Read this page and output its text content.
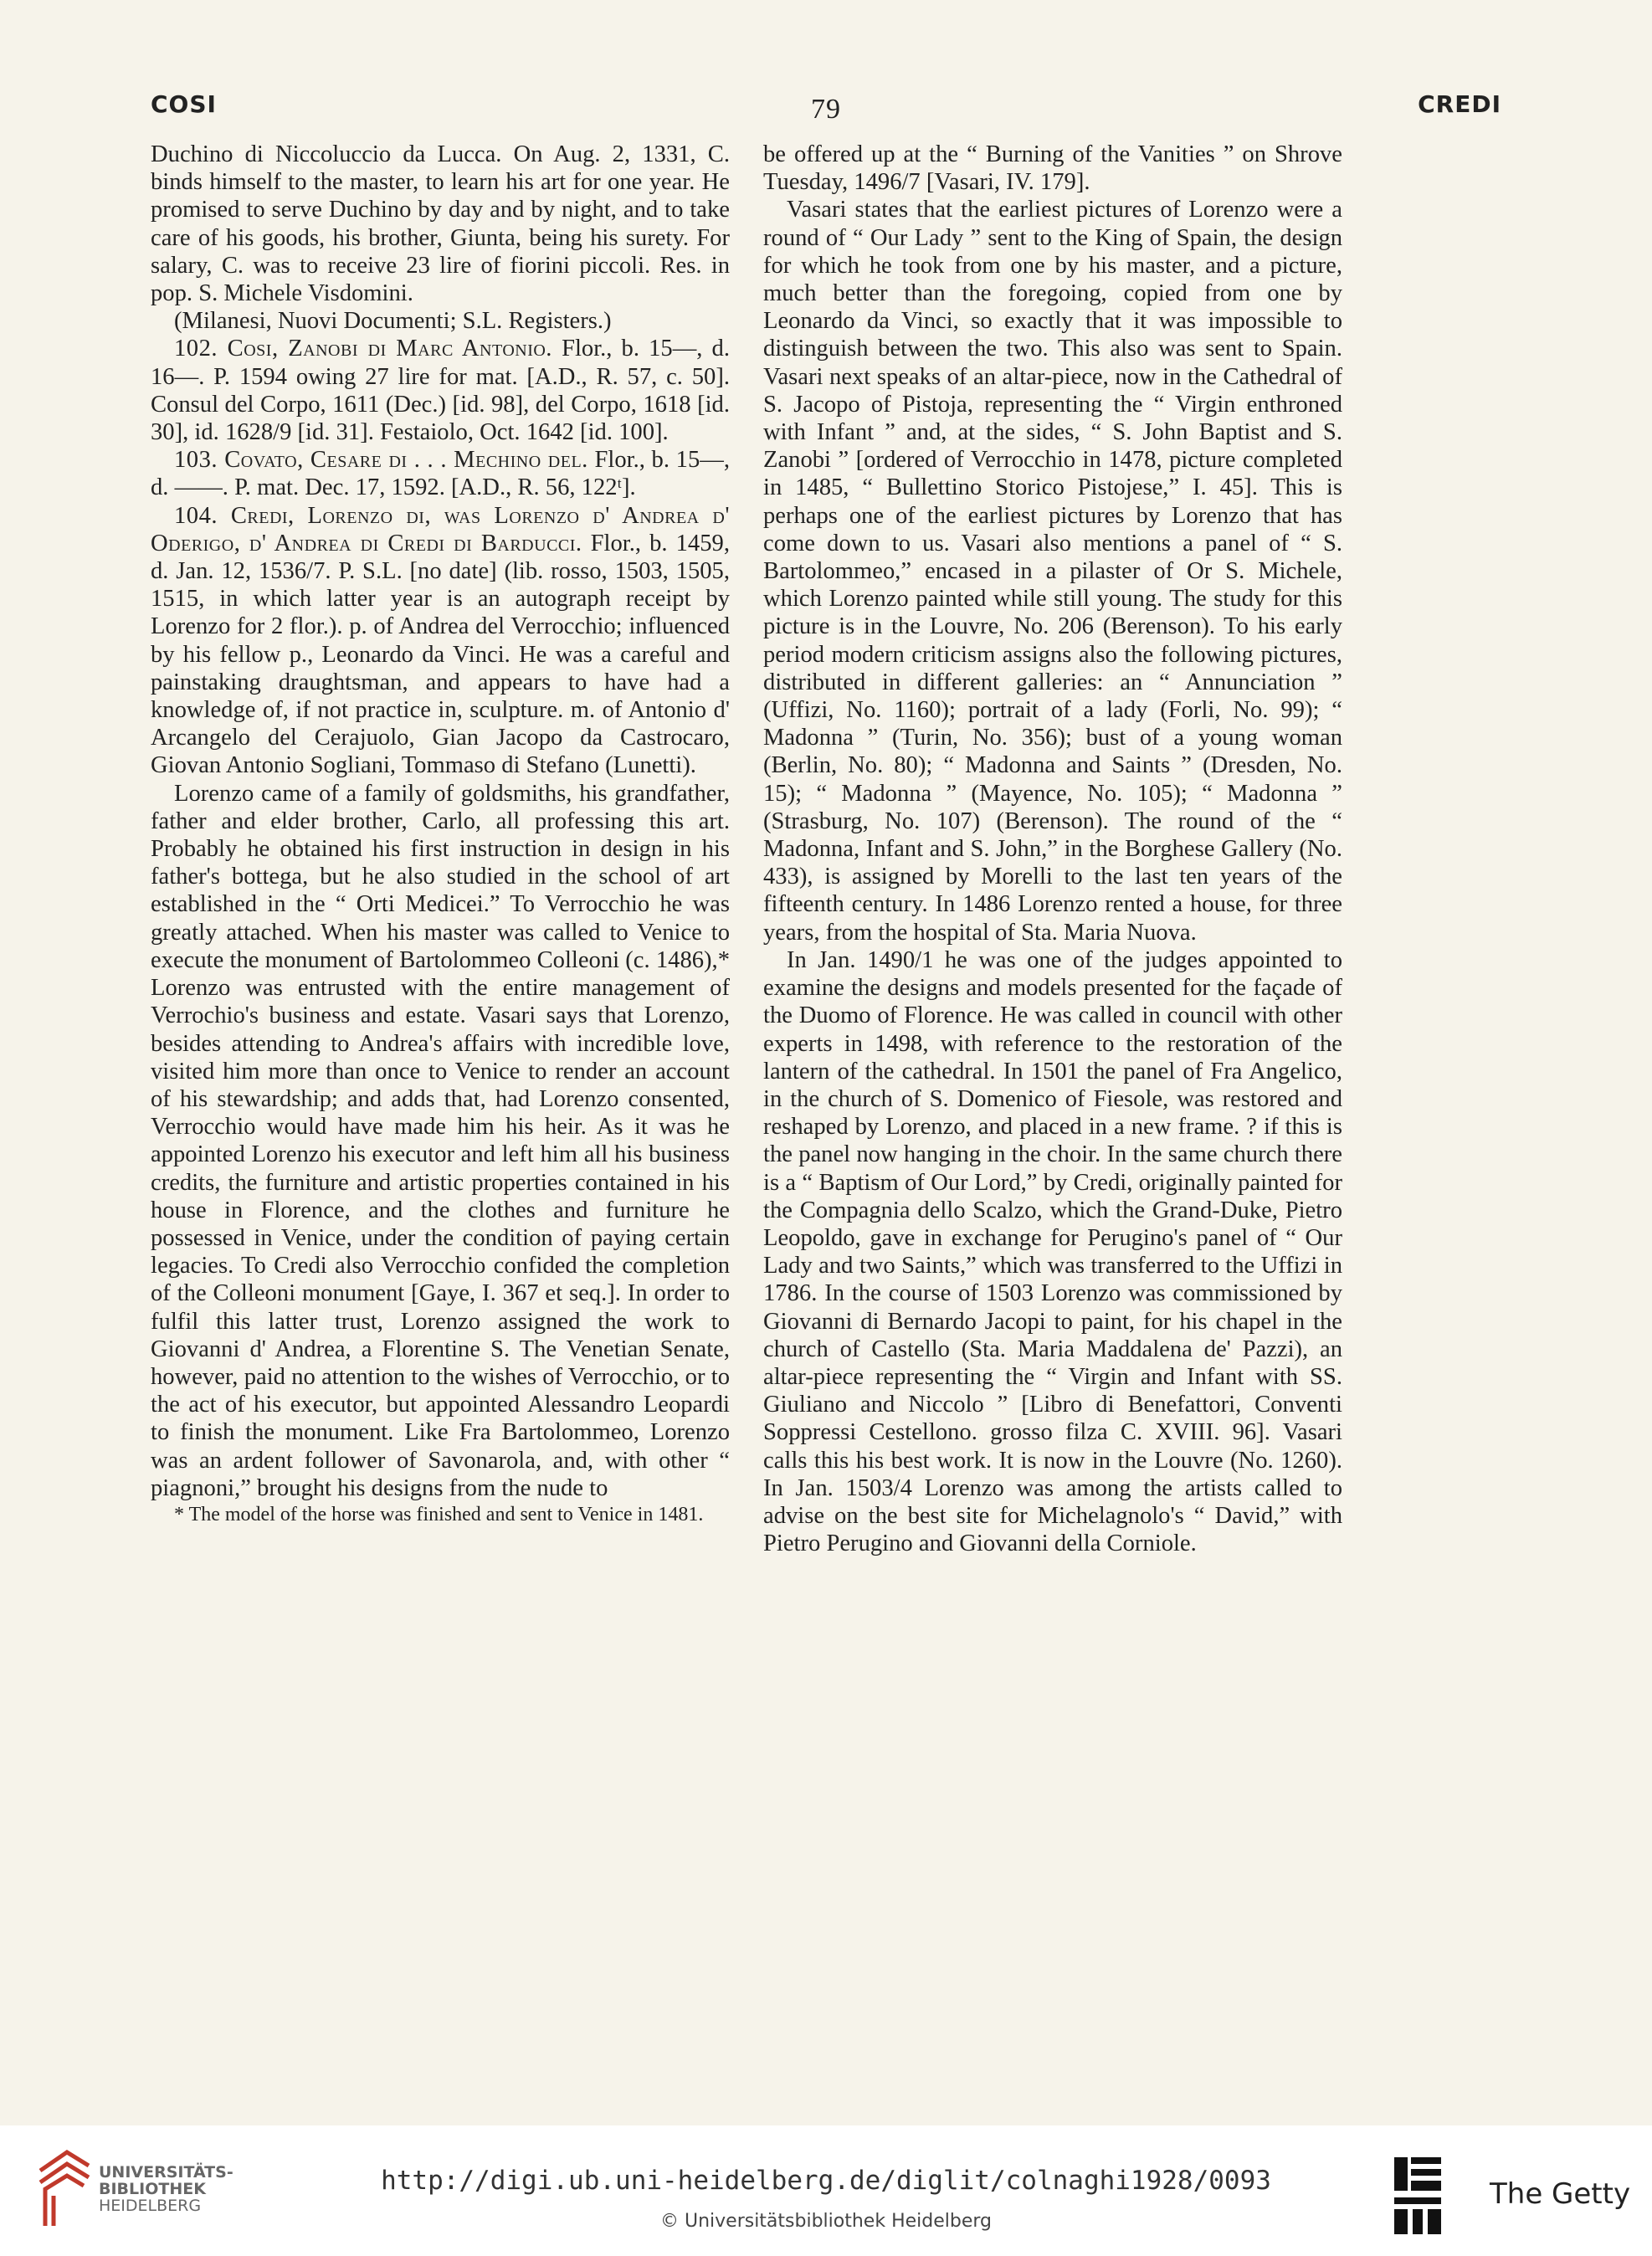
COSI	79	CREDI

Duchino di Niccoluccio da Lucca. On Aug. 2, 1331, C. binds himself to the master, to learn his art for one year. He promised to serve Duchino by day and by night, and to take care of his goods, his brother, Giunta, being his surety. For salary, C. was to receive 23 lire of fiorini piccoli. Res. in pop. S. Michele Visdomini.

(Milanesi, Nuovi Documenti; S.L. Registers.)

102. Cosi, Zanobi di Marc Antonio. Flor., b. 15—, d. 16—. P. 1594 owing 27 lire for mat. [A.D., R. 57, c. 50]. Consul del Corpo, 1611 (Dec.) [id. 98], del Corpo, 1618 [id. 30], id. 1628/9 [id. 31]. Festaiolo, Oct. 1642 [id. 100].

103. Covato, Cesare di . . . Mechino del. Flor., b. 15—, d. ——. P. mat. Dec. 17, 1592. [A.D., R. 56, 122ᵗ].

104. Credi, Lorenzo di, was Lorenzo d' Andrea d' Oderigo, d' Andrea di Credi di Barducci. Flor., b. 1459, d. Jan. 12, 1536/7. P. S.L. [no date] (lib. rosso, 1503, 1505, 1515, in which latter year is an autograph receipt by Lorenzo for 2 flor.). p. of Andrea del Verrocchio; influenced by his fellow p., Leonardo da Vinci. He was a careful and painstaking draughtsman, and appears to have had a knowledge of, if not practice in, sculpture. m. of Antonio d' Arcangelo del Cerajuolo, Gian Jacopo da Castrocaro, Giovan Antonio Sogliani, Tommaso di Stefano (Lunetti).

Lorenzo came of a family of goldsmiths, his grandfather, father and elder brother, Carlo, all professing this art. Probably he obtained his first instruction in design in his father's bottega, but he also studied in the school of art established in the “ Orti Medicei.” To Verrocchio he was greatly attached. When his master was called to Venice to execute the monument of Bartolommeo Colleoni (c. 1486),* Lorenzo was entrusted with the entire management of Verrochio's business and estate. Vasari says that Lorenzo, besides attending to Andrea's affairs with incredible love, visited him more than once to Venice to render an account of his stewardship; and adds that, had Lorenzo consented, Verrocchio would have made him his heir. As it was he appointed Lorenzo his executor and left him all his business credits, the furniture and artistic properties contained in his house in Florence, and the clothes and furniture he possessed in Venice, under the condition of paying certain legacies. To Credi also Verrocchio confided the completion of the Colleoni monument [Gaye, I. 367 et seq.]. In order to fulfil this latter trust, Lorenzo assigned the work to Giovanni d' Andrea, a Florentine S. The Venetian Senate, however, paid no attention to the wishes of Verrocchio, or to the act of his executor, but appointed Alessandro Leopardi to finish the monument. Like Fra Bartolommeo, Lorenzo was an ardent follower of Savonarola, and, with other “ piagnoni,” brought his designs from the nude to

* The model of the horse was finished and sent to Venice in 1481.

be offered up at the “ Burning of the Vanities ” on Shrove Tuesday, 1496/7 [Vasari, IV. 179].

Vasari states that the earliest pictures of Lorenzo were a round of “ Our Lady ” sent to the King of Spain, the design for which he took from one by his master, and a picture, much better than the foregoing, copied from one by Leonardo da Vinci, so exactly that it was impossible to distinguish between the two. This also was sent to Spain. Vasari next speaks of an altar-piece, now in the Cathedral of S. Jacopo of Pistoja, representing the “ Virgin enthroned with Infant ” and, at the sides, “ S. John Baptist and S. Zanobi ” [ordered of Verrocchio in 1478, picture completed in 1485, “ Bullettino Storico Pistojese,” I. 45]. This is perhaps one of the earliest pictures by Lorenzo that has come down to us. Vasari also mentions a panel of “ S. Bartolommeo,” encased in a pilaster of Or S. Michele, which Lorenzo painted while still young. The study for this picture is in the Louvre, No. 206 (Berenson). To his early period modern criticism assigns also the following pictures, distributed in different galleries: an “ Annunciation ” (Uffizi, No. 1160); portrait of a lady (Forli, No. 99); “ Madonna ” (Turin, No. 356); bust of a young woman (Berlin, No. 80); “ Madonna and Saints ” (Dresden, No. 15); “ Madonna ” (Mayence, No. 105); “ Madonna ” (Strasburg, No. 107) (Berenson). The round of the “ Madonna, Infant and S. John,” in the Borghese Gallery (No. 433), is assigned by Morelli to the last ten years of the fifteenth century. In 1486 Lorenzo rented a house, for three years, from the hospital of Sta. Maria Nuova.

In Jan. 1490/1 he was one of the judges appointed to examine the designs and models presented for the façade of the Duomo of Florence. He was called in council with other experts in 1498, with reference to the restoration of the lantern of the cathedral. In 1501 the panel of Fra Angelico, in the church of S. Domenico of Fiesole, was restored and reshaped by Lorenzo, and placed in a new frame. ? if this is the panel now hanging in the choir. In the same church there is a “ Baptism of Our Lord,” by Credi, originally painted for the Compagnia dello Scalzo, which the Grand-Duke, Pietro Leopoldo, gave in exchange for Perugino's panel of “ Our Lady and two Saints,” which was transferred to the Uffizi in 1786. In the course of 1503 Lorenzo was commissioned by Giovanni di Bernardo Jacopi to paint, for his chapel in the church of Castello (Sta. Maria Maddalena de' Pazzi), an altar-piece representing the “ Virgin and Infant with SS. Giuliano and Niccolo ” [Libro di Benefattori, Conventi Soppressi Cestellono. grosso filza C. XVIII. 96]. Vasari calls this his best work. It is now in the Louvre (No. 1260). In Jan. 1503/4 Lorenzo was among the artists called to advise on the best site for Michelagnolo's “ David,” with Pietro Perugino and Giovanni della Corniole.

UNIVERSITÄTS-
BIBLIOTHEK
HEIDELBERG
http://digi.ub.uni-heidelberg.de/diglit/colnaghi1928/0093
© Universitätsbibliothek Heidelberg
The Getty
